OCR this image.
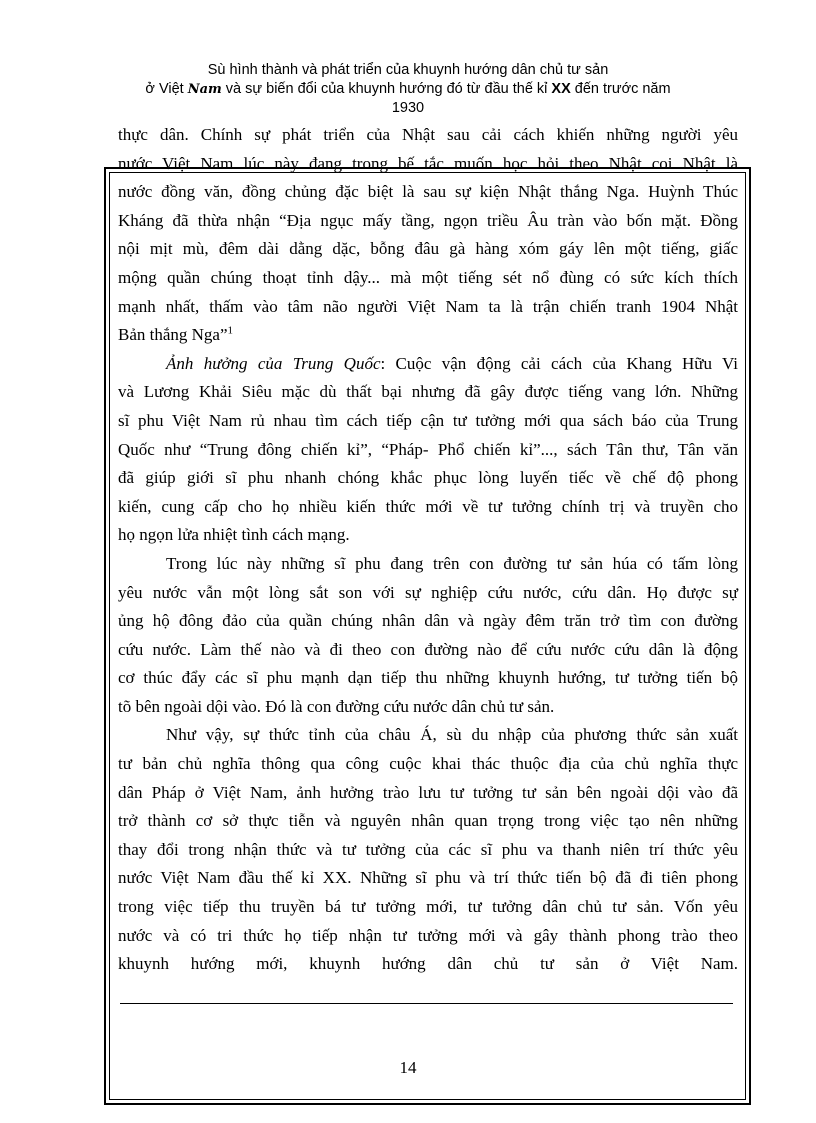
Sù hình thành và phát triển của khuynh hướng dân chủ tư sản
ở Việt Nam và sự biến đổi của khuynh hướng đó từ đầu thế kỉ XX đến trước năm
1930

thực dân. Chính sự phát triển của Nhật sau cải cách khiến những người yêu
nước Việt Nam lúc này đang trong bế tắc muốn học hỏi theo Nhật coi Nhật là
nước đồng văn, đồng chủng đặc biệt là sau sự kiện Nhật thắng Nga. Huỳnh Thúc
Kháng đã thừa nhận “Địa ngục mấy tầng, ngọn triều Âu tràn vào bốn mặt. Đồng
nội mịt mù, đêm dài dằng dặc, bỗng đâu gà hàng xóm gáy lên một tiếng, giấc
mộng quần chúng thoạt tỉnh dậy... mà một tiếng sét nổ đùng có sức kích thích
mạnh nhất, thấm vào tâm não người Việt Nam ta là trận chiến tranh 1904 Nhật
Bản thắng Nga”$^1$

Ảnh hưởng của Trung Quốc: Cuộc vận động cải cách của Khang Hữu Vi
và Lương Khải Siêu mặc dù thất bại nhưng đã gây được tiếng vang lớn. Những
sĩ phu Việt Nam rủ nhau tìm cách tiếp cận tư tưởng mới qua sách báo của Trung
Quốc như “Trung đông chiến kỉ”, “Pháp- Phổ chiến kỉ”..., sách Tân thư, Tân văn
đã giúp giới sĩ phu nhanh chóng khắc phục lòng luyến tiếc về chế độ phong
kiến, cung cấp cho họ nhiều kiến thức mới về tư tưởng chính trị và truyền cho
họ ngọn lửa nhiệt tình cách mạng.

Trong lúc này những sĩ phu đang trên con đường tư sản húa có tấm lòng
yêu nước vẫn một lòng sắt son với sự nghiệp cứu nước, cứu dân. Họ được sự
ủng hộ đông đảo của quần chúng nhân dân và ngày đêm trăn trở tìm con đường
cứu nước. Làm thế nào và đi theo con đường nào để cứu nước cứu dân là động
cơ thúc đẩy các sĩ phu mạnh dạn tiếp thu những khuynh hướng, tư tưởng tiến bộ
tõ bên ngoài dội vào. Đó là con đường cứu nước dân chủ tư sản.

Như vậy, sự thức tỉnh của châu Á, sù du nhập của phương thức sản xuất
tư bản chủ nghĩa thông qua công cuộc khai thác thuộc địa của chủ nghĩa thực
dân Pháp ở Việt Nam, ảnh hưởng trào lưu tư tưởng tư sản bên ngoài dội vào đã
trở thành cơ sở thực tiễn và nguyên nhân quan trọng trong việc tạo nên những
thay đổi trong nhận thức và tư tưởng của các sĩ phu va thanh niên trí thức yêu
nước Việt Nam đầu thế kỉ XX. Những sĩ phu và trí thức tiến bộ đã đi tiên phong
trong việc tiếp thu truyền bá tư tưởng mới, tư tưởng dân chủ tư sản. Vốn yêu
nước và có tri thức họ tiếp nhận tư tưởng mới và gây thành phong trào theo
khuynh hướng mới, khuynh hướng dân chủ tư sản ở Việt Nam.

14
